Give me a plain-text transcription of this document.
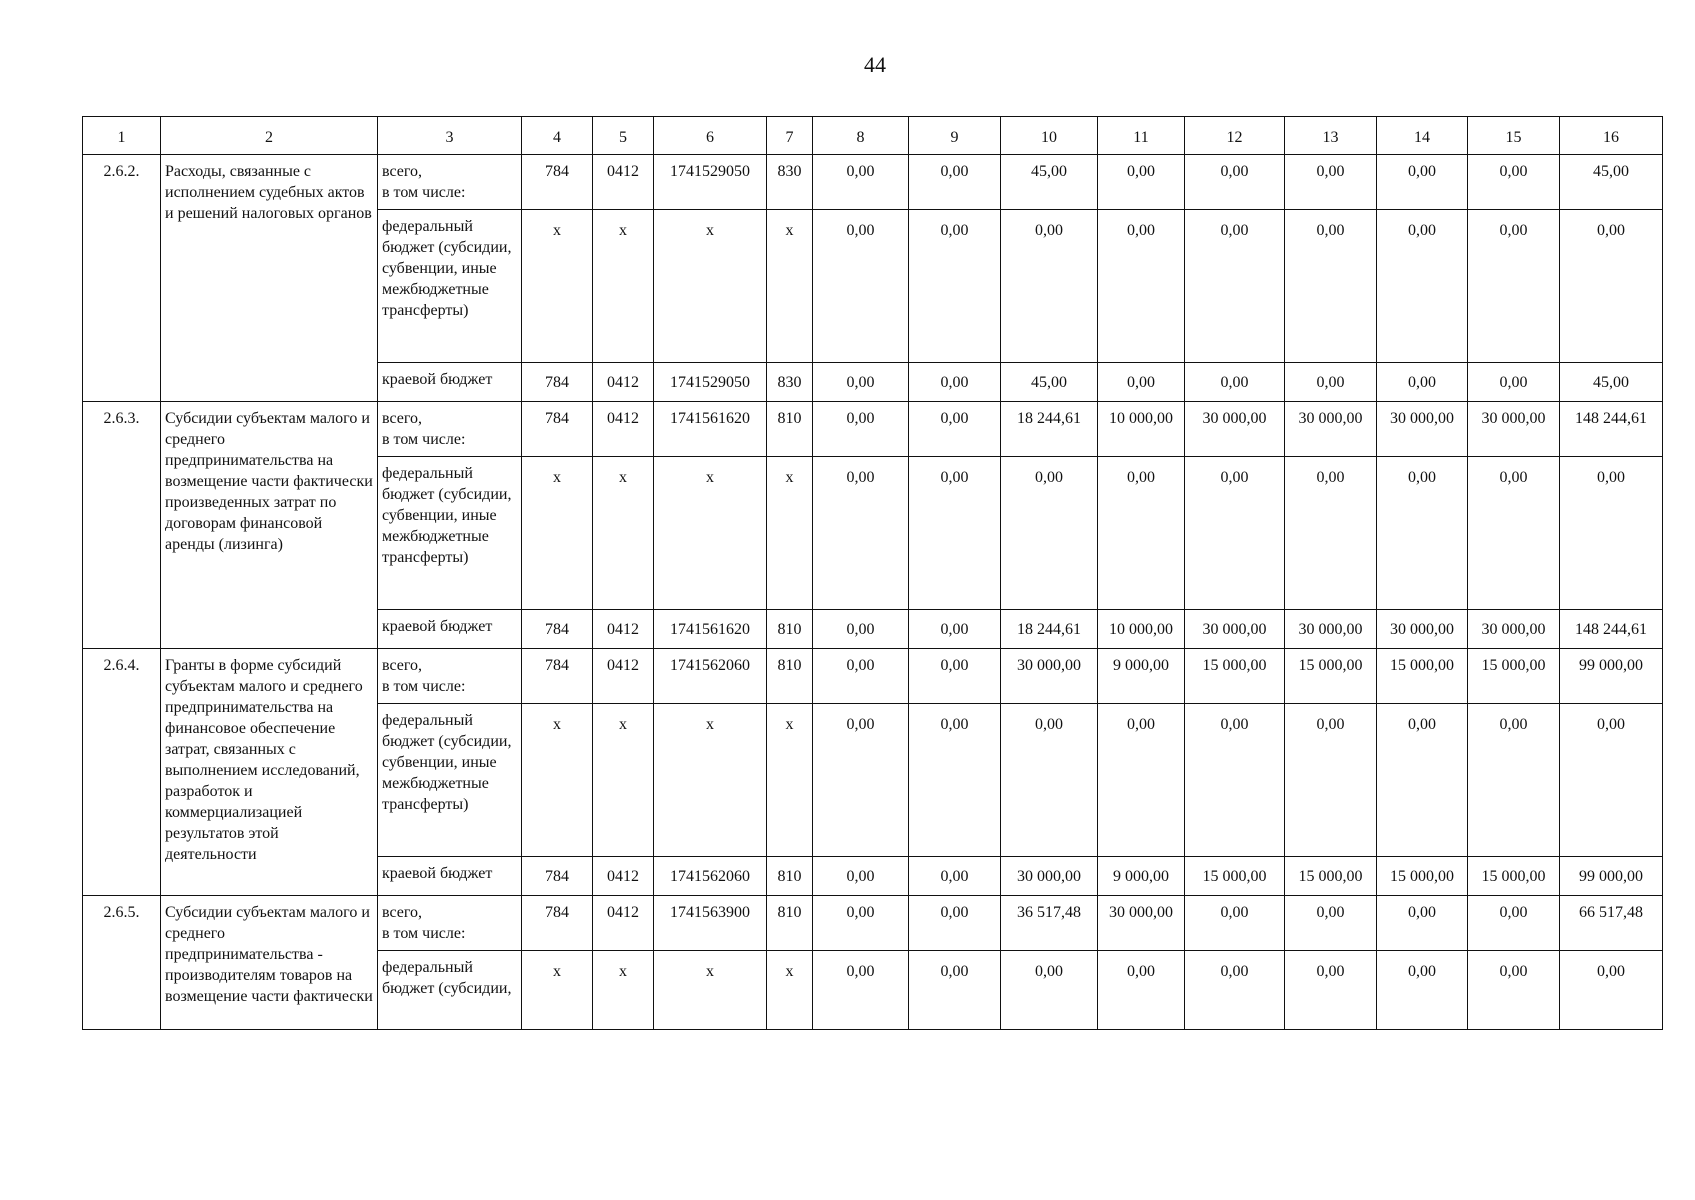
44
1	2	3	4	5	6	7	8	9	10	11	12	13	14	15	16
2.6.2.	Расходы, связанные с исполнением судебных актов и решений налоговых органов	всего,
в том числе:	784	0412	1741529050	830	0,00	0,00	45,00	0,00	0,00	0,00	0,00	0,00	45,00
		федеральный бюджет (субсидии, субвенции, иные межбюджетные трансферты)	х	х	х	х	0,00	0,00	0,00	0,00	0,00	0,00	0,00	0,00	0,00
		краевой бюджет	784	0412	1741529050	830	0,00	0,00	45,00	0,00	0,00	0,00	0,00	0,00	45,00
2.6.3.	Субсидии субъектам малого и среднего предпринимательства на возмещение части фактически произведенных затрат по договорам финансовой аренды (лизинга)	всего,
в том числе:	784	0412	1741561620	810	0,00	0,00	18 244,61	10 000,00	30 000,00	30 000,00	30 000,00	30 000,00	148 244,61
		федеральный бюджет (субсидии, субвенции, иные межбюджетные трансферты)	х	х	х	х	0,00	0,00	0,00	0,00	0,00	0,00	0,00	0,00	0,00
		краевой бюджет	784	0412	1741561620	810	0,00	0,00	18 244,61	10 000,00	30 000,00	30 000,00	30 000,00	30 000,00	148 244,61
2.6.4.	Гранты в форме субсидий субъектам малого и среднего предпринимательства на финансовое обеспечение затрат, связанных с выполнением исследований, разработок и коммерциализацией результатов этой деятельности	всего,
в том числе:	784	0412	1741562060	810	0,00	0,00	30 000,00	9 000,00	15 000,00	15 000,00	15 000,00	15 000,00	99 000,00
		федеральный бюджет (субсидии, субвенции, иные межбюджетные трансферты)	х	х	х	х	0,00	0,00	0,00	0,00	0,00	0,00	0,00	0,00	0,00
		краевой бюджет	784	0412	1741562060	810	0,00	0,00	30 000,00	9 000,00	15 000,00	15 000,00	15 000,00	15 000,00	99 000,00
2.6.5.	Субсидии субъектам малого и среднего предпринимательства - производителям товаров на возмещение части фактически	всего,
в том числе:	784	0412	1741563900	810	0,00	0,00	36 517,48	30 000,00	0,00	0,00	0,00	0,00	66 517,48
		федеральный бюджет (субсидии,	х	х	х	х	0,00	0,00	0,00	0,00	0,00	0,00	0,00	0,00	0,00
